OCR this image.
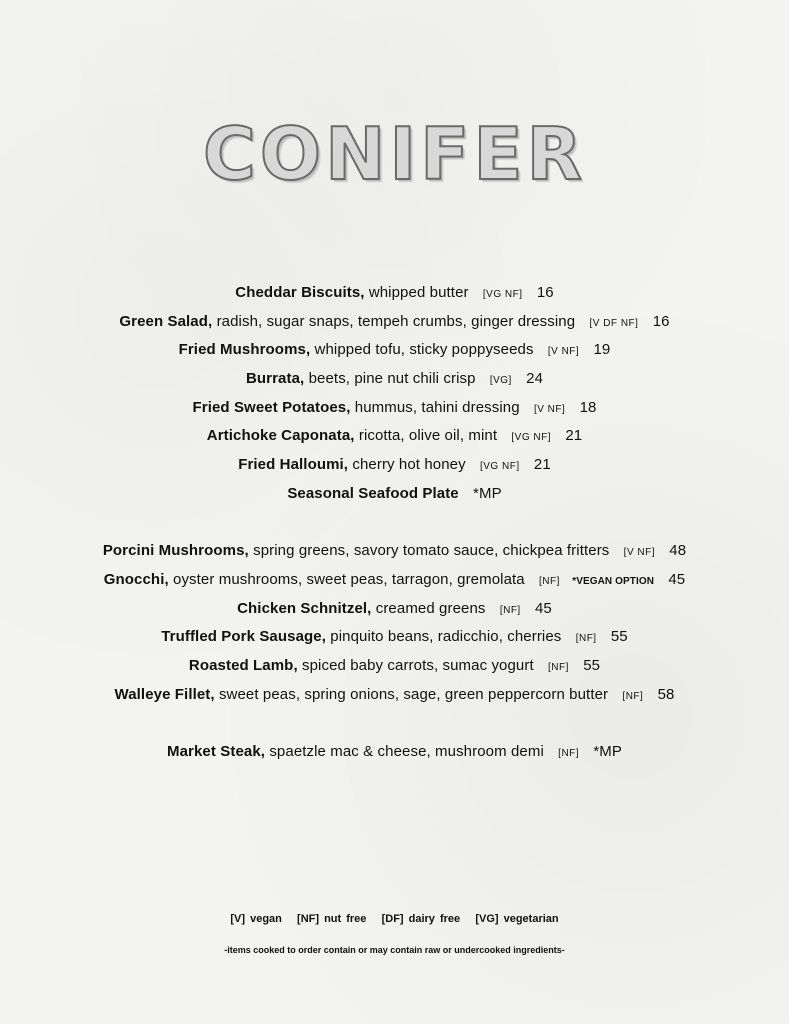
CONIFER
Cheddar Biscuits, whipped butter [VG NF] 16
Green Salad, radish, sugar snaps, tempeh crumbs, ginger dressing [V DF NF] 16
Fried Mushrooms, whipped tofu, sticky poppyseeds [V NF] 19
Burrata, beets, pine nut chili crisp [VG] 24
Fried Sweet Potatoes, hummus, tahini dressing [V NF] 18
Artichoke Caponata, ricotta, olive oil, mint [VG NF] 21
Fried Halloumi, cherry hot honey [VG NF] 21
Seasonal Seafood Plate *MP
Porcini Mushrooms, spring greens, savory tomato sauce, chickpea fritters [V NF] 48
Gnocchi, oyster mushrooms, sweet peas, tarragon, gremolata [NF] *VEGAN OPTION 45
Chicken Schnitzel, creamed greens [NF] 45
Truffled Pork Sausage, pinquito beans, radicchio, cherries [NF] 55
Roasted Lamb, spiced baby carrots, sumac yogurt [NF] 55
Walleye Fillet, sweet peas, spring onions, sage, green peppercorn butter [NF] 58
Market Steak, spaetzle mac & cheese, mushroom demi [NF] *MP
[V] vegan   [NF] nut free   [DF] dairy free   [VG] vegetarian
-items cooked to order contain or may contain raw or undercooked ingredients-
